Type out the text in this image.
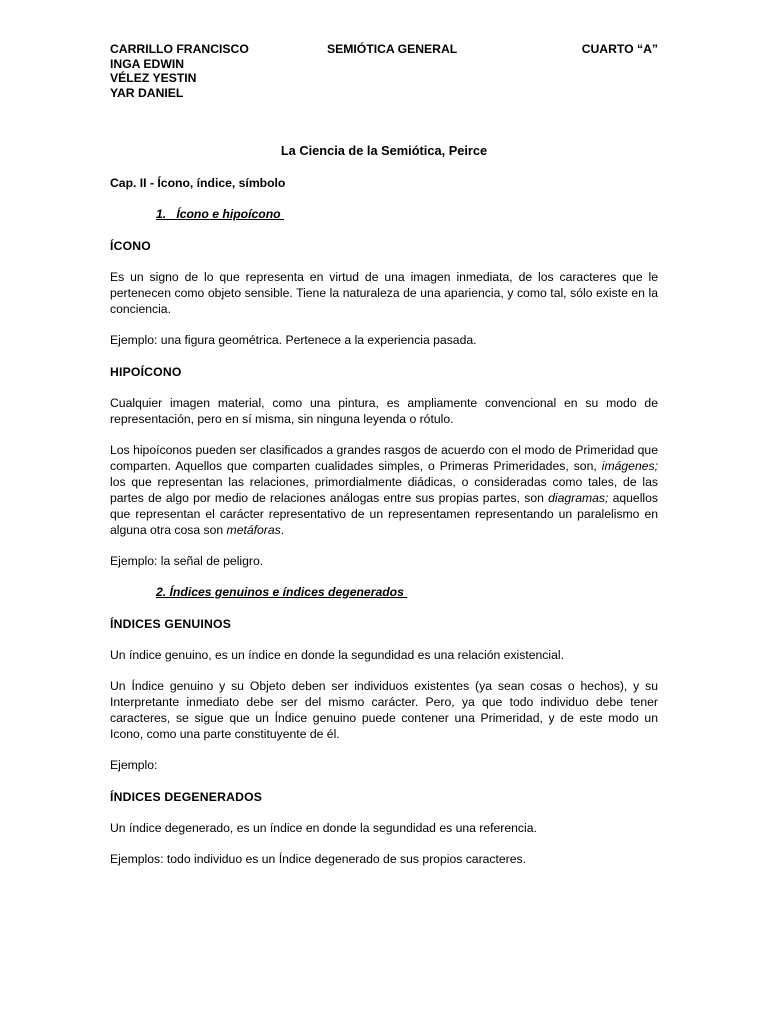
CARRILLO FRANCISCO
INGA EDWIN
VÉLEZ YESTIN
YAR DANIEL
SEMIÓTICA GENERAL	CUARTO “A”
La Ciencia de la Semiótica, Peirce
Cap. II - Ícono, índice, símbolo
1.   Ícono e hipoícono
ÍCONO
Es un signo de lo que representa en virtud de una imagen inmediata, de los caracteres que le pertenecen como objeto sensible. Tiene la naturaleza de una apariencia, y como tal, sólo existe en la conciencia.
Ejemplo: una figura geométrica. Pertenece a la experiencia pasada.
HIPOÍCONO
Cualquier imagen material, como una pintura, es ampliamente convencional en su modo de representación, pero en sí misma, sin ninguna leyenda o rótulo.
Los hipoíconos pueden ser clasificados a grandes rasgos de acuerdo con el modo de Primeridad que comparten. Aquellos que comparten cualidades simples, o Primeras Primeridades, son, imágenes; los que representan las relaciones, primordialmente diádicas, o consideradas como tales, de las partes de algo por medio de relaciones análogas entre sus propias partes, son diagramas; aquellos que representan el carácter representativo de un representamen representando un paralelismo en alguna otra cosa son metáforas.
Ejemplo: la señal de peligro.
2. Índices genuinos e índices degenerados
ÍNDICES GENUINOS
Un índice genuino, es un índice en donde la segundidad es una relación existencial.
Un Índice genuino y su Objeto deben ser individuos existentes (ya sean cosas o hechos), y su Interpretante inmediato debe ser del mismo carácter. Pero, ya que todo individuo debe tener caracteres, se sigue que un Índice genuino puede contener una Primeridad, y de este modo un Icono, como una parte constituyente de él.
Ejemplo:
ÍNDICES DEGENERADOS
Un índice degenerado, es un índice en donde la segundidad es una referencia.
Ejemplos: todo individuo es un Índice degenerado de sus propios caracteres.
